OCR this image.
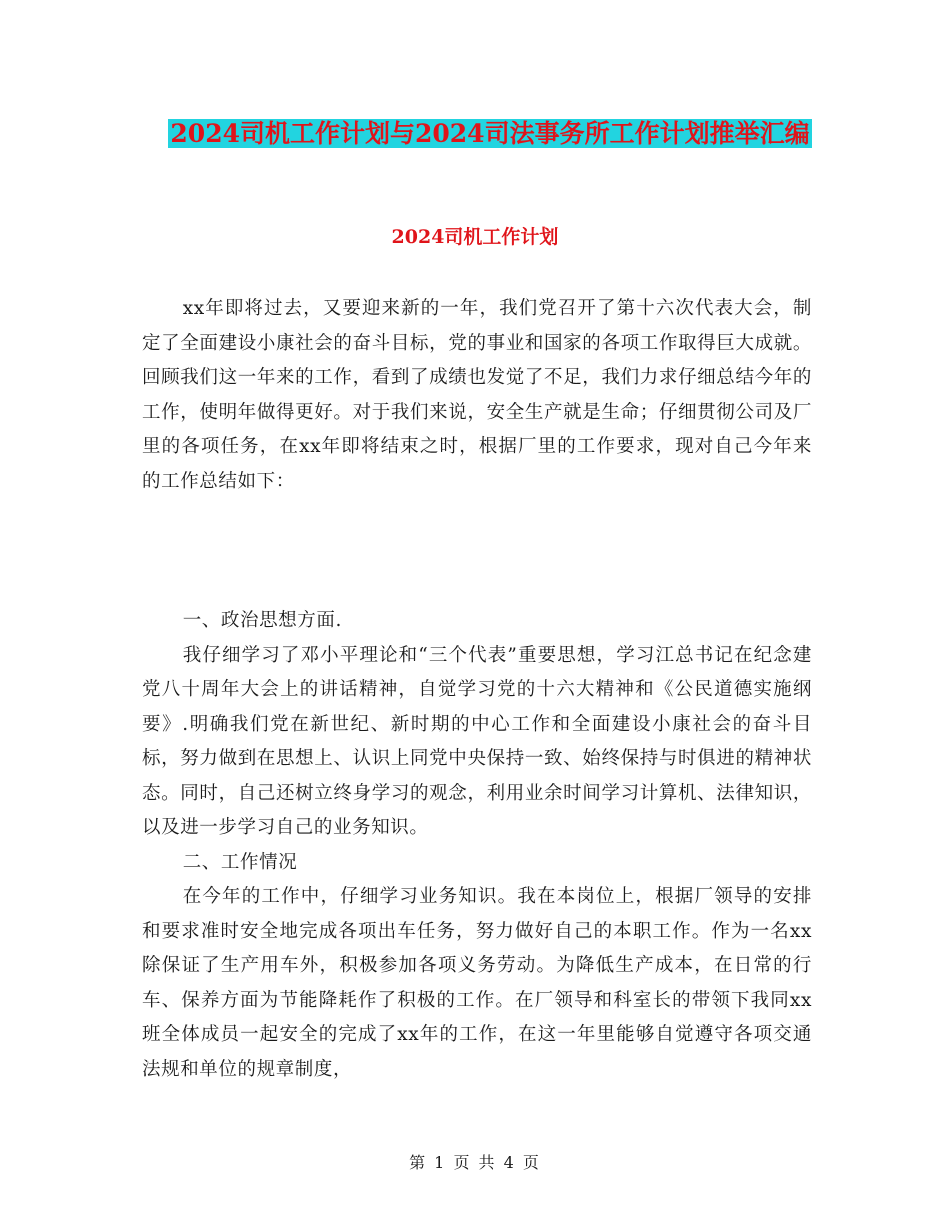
2024司机工作计划与2024司法事务所工作计划推举汇编
2024司机工作计划

xx年即将过去，又要迎来新的一年，我们党召开了第十六次代表大会，制定了全面建设小康社会的奋斗目标，党的事业和国家的各项工作取得巨大成就。回顾我们这一年来的工作，看到了成绩也发觉了不足，我们力求仔细总结今年的工作，使明年做得更好。对于我们来说，安全生产就是生命；仔细贯彻公司及厂里的各项任务，在xx年即将结束之时，根据厂里的工作要求，现对自己今年来的工作总结如下：

一、政治思想方面.

我仔细学习了邓小平理论和“三个代表”重要思想，学习江总书记在纪念建党八十周年大会上的讲话精神，自觉学习党的十六大精神和《公民道德实施纲要》.明确我们党在新世纪、新时期的中心工作和全面建设小康社会的奋斗目标，努力做到在思想上、认识上同党中央保持一致、始终保持与时俱进的精神状态。同时，自己还树立终身学习的观念，利用业余时间学习计算机、法律知识，以及进一步学习自己的业务知识。

二、工作情况

在今年的工作中，仔细学习业务知识。我在本岗位上，根据厂领导的安排和要求准时安全地完成各项出车任务，努力做好自己的本职工作。作为一名xx除保证了生产用车外，积极参加各项义务劳动。为降低生产成本，在日常的行车、保养方面为节能降耗作了积极的工作。在厂领导和科室长的带领下我同xx班全体成员一起安全的完成了xx年的工作，在这一年里能够自觉遵守各项交通法规和单位的规章制度，

第 1 页 共 4 页
